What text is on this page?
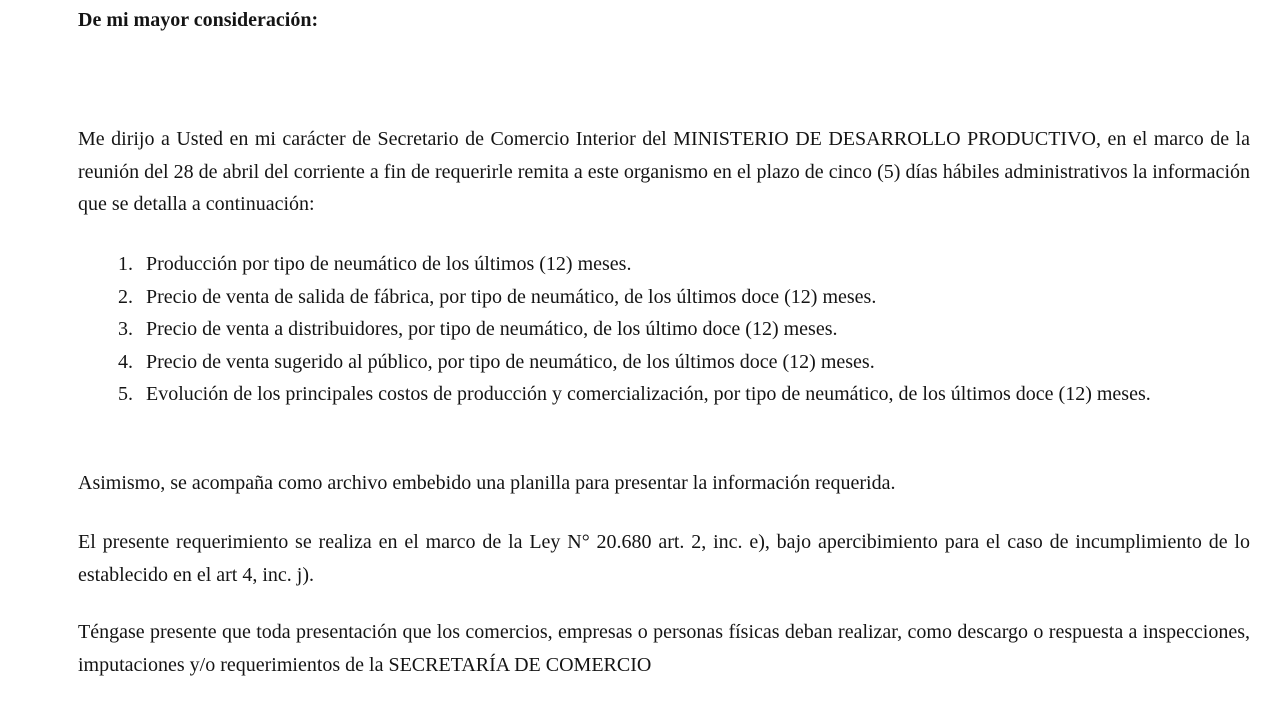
De mi mayor consideración:

Me dirijo a Usted en mi carácter de Secretario de Comercio Interior del MINISTERIO DE DESARROLLO PRODUCTIVO, en el marco de la reunión del 28 de abril del corriente a fin de requerirle remita a este organismo en el plazo de cinco (5) días hábiles administrativos la información que se detalla a continuación:

1. Producción por tipo de neumático de los últimos (12) meses.
2. Precio de venta de salida de fábrica, por tipo de neumático, de los últimos doce (12) meses.
3. Precio de venta a distribuidores, por tipo de neumático, de los último doce (12) meses.
4. Precio de venta sugerido al público, por tipo de neumático, de los últimos doce (12) meses.
5. Evolución de los principales costos de producción y comercialización, por tipo de neumático, de los últimos doce (12) meses.

Asimismo, se acompaña como archivo embebido una planilla para presentar la información requerida.

El presente requerimiento se realiza en el marco de la Ley N° 20.680 art. 2, inc. e), bajo apercibimiento para el caso de incumplimiento de lo establecido en el art 4, inc. j).

Téngase presente que toda presentación que los comercios, empresas o personas físicas deban realizar, como descargo o respuesta a inspecciones, imputaciones y/o requerimientos de la SECRETARÍA DE COMERCIO
